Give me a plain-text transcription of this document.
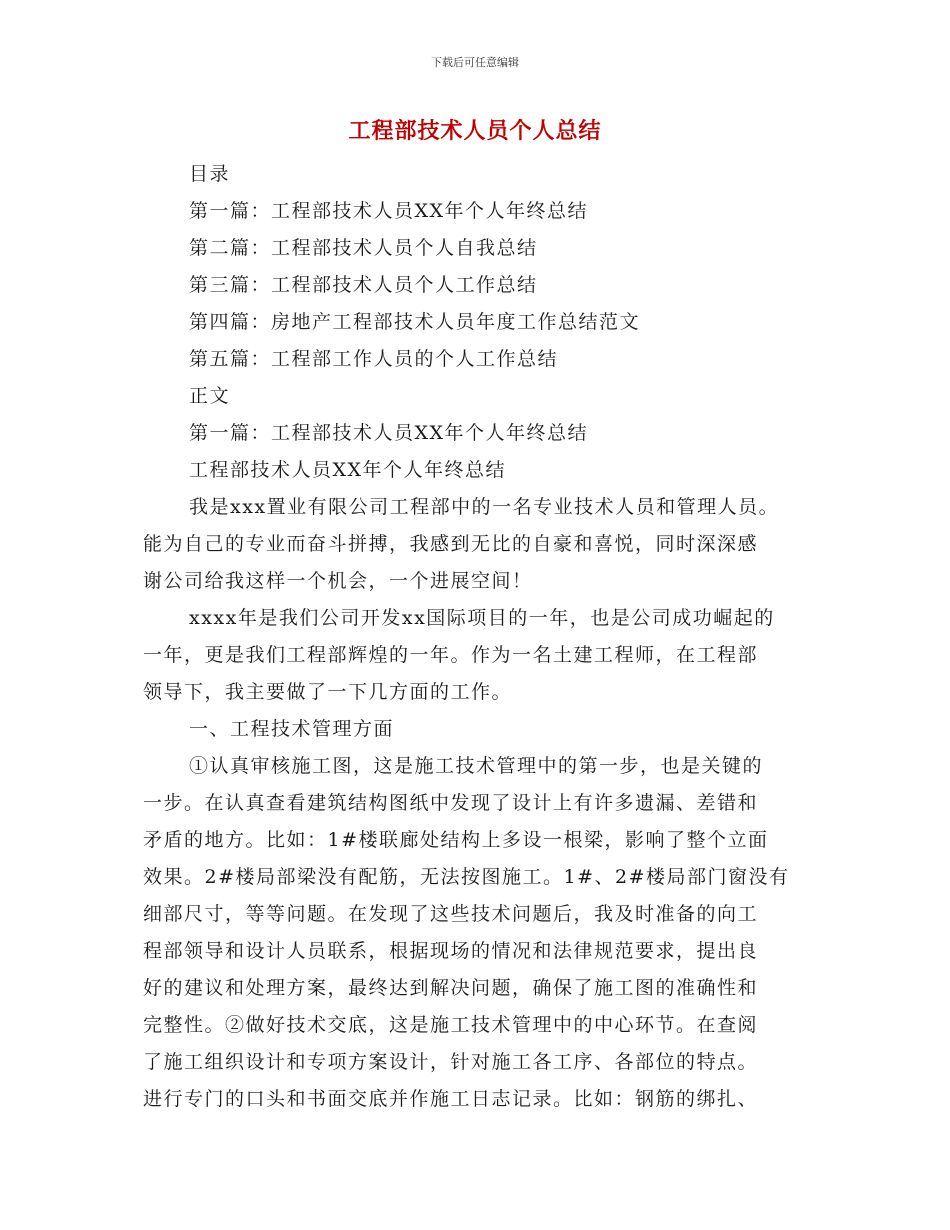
下载后可任意编辑
工程部技术人员个人总结
目录
第一篇：工程部技术人员XX年个人年终总结
第二篇：工程部技术人员个人自我总结
第三篇：工程部技术人员个人工作总结
第四篇：房地产工程部技术人员年度工作总结范文
第五篇：工程部工作人员的个人工作总结
正文
第一篇：工程部技术人员XX年个人年终总结
工程部技术人员XX年个人年终总结
我是xxx置业有限公司工程部中的一名专业技术人员和管理人员。
能为自己的专业而奋斗拼搏，我感到无比的自豪和喜悦，同时深深感
谢公司给我这样一个机会，一个进展空间！
xxxx年是我们公司开发xx国际项目的一年，也是公司成功崛起的
一年，更是我们工程部辉煌的一年。作为一名土建工程师，在工程部
领导下，我主要做了一下几方面的工作。
一、工程技术管理方面
①认真审核施工图，这是施工技术管理中的第一步，也是关键的
一步。在认真查看建筑结构图纸中发现了设计上有许多遗漏、差错和
矛盾的地方。比如：1#楼联廊处结构上多设一根梁，影响了整个立面
效果。2#楼局部梁没有配筋，无法按图施工。1#、2#楼局部门窗没有
细部尺寸，等等问题。在发现了这些技术问题后，我及时准备的向工
程部领导和设计人员联系，根据现场的情况和法律规范要求，提出良
好的建议和处理方案，最终达到解决问题，确保了施工图的准确性和
完整性。②做好技术交底，这是施工技术管理中的中心环节。在查阅
了施工组织设计和专项方案设计，针对施工各工序、各部位的特点。
进行专门的口头和书面交底并作施工日志记录。比如：钢筋的绑扎、
